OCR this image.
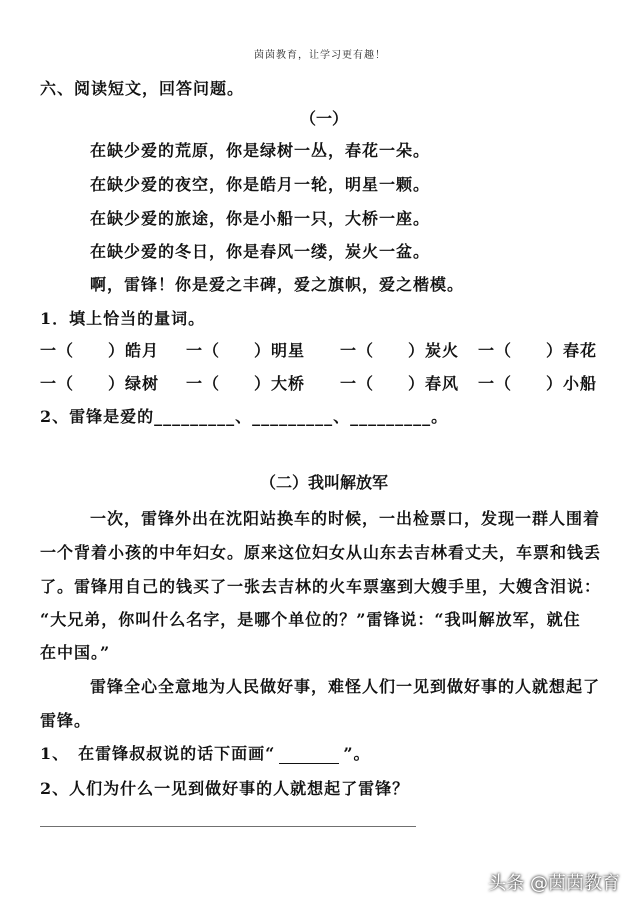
茵茵教育，让学习更有趣！
六、阅读短文，回答问题。
（一）
在缺少爱的荒原，你是绿树一丛，春花一朵。
在缺少爱的夜空，你是皓月一轮，明星一颗。
在缺少爱的旅途，你是小船一只，大桥一座。
在缺少爱的冬日，你是春风一缕，炭火一盆。
啊，雷锋！你是爱之丰碑，爱之旗帜，爱之楷模。
1．填上恰当的量词。
一（　　）皓月 一（　　）明星 一（　　）炭火 一（　　）春花
一（　　）绿树 一（　　）大桥 一（　　）春风 一（　　）小船
2、雷锋是爱的_________、_________、_________。
（二）我叫解放军
一次，雷锋外出在沈阳站换车的时候，一出检票口，发现一群人围着
一个背着小孩的中年妇女。原来这位妇女从山东去吉林看丈夫，车票和钱丢
了。雷锋用自己的钱买了一张去吉林的火车票塞到大嫂手里，大嫂含泪说：
“大兄弟，你叫什么名字，是哪个单位的？”雷锋说：“我叫解放军，就住
在中国。”
雷锋全心全意地为人民做好事，难怪人们一见到做好事的人就想起了
雷锋。
1、　在雷锋叔叔说的话下面画“	”。
2、人们为什么一见到做好事的人就想起了雷锋？
_______________________________________________
头条 @茵茵教育
